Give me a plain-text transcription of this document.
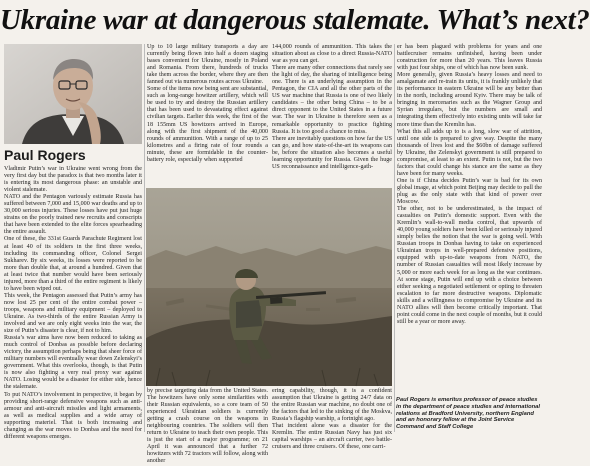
Ukraine war at dangerous stalemate. What’s next?
Paul Rogers

Vladimir Putin’s war in Ukraine went wrong from the very first day but the paradox is that two months later it is entering its most dangerous phase: an unstable and violent stalemate.

NATO and the Pentagon variously estimate Russia has suffered between 7,000 and 15,000 war deaths and up to 30,000 serious injuries. These losses have put just huge strains on the poorly trained new recruits and conscripts that have been extended to the elite forces spearheading the entire assault.

One of these, the 331st Guards Parachute Regiment lost at least 40 of its soldiers in the first three weeks, including its commanding officer, Colonel Sergei Sukharev. By six weeks, its losses were reported to be more than double that, at around a hundred. Given that at least twice that number would have been seriously injured, more than a third of the entire regiment is likely to have been wiped out.

This week, the Pentagon assessed that Putin’s army has now lost 25 per cent of the entire combat power – troops, weapons and military equipment – deployed to Ukraine. As two-thirds of the entire Russian Army is involved and we are only eight weeks into the war, the size of Putin’s disaster is clear, if not to him.

Russia’s war aims have now been reduced to taking as much control of Donbas as possible before declaring victory, the assumption perhaps being that sheer force of military numbers will eventually wear down Zelenskyi’s government. What this overlooks, though, is that Putin is now also fighting a very real proxy war against NATO. Losing would be a disaster for either side, hence the stalemate.

To put NATO’s involvement in perspective, it began by providing short-range defensive weapons such as anti-armour and anti-aircraft missiles and light armaments, as well as medical supplies and a wide array of supporting materiel. That is both increasing and changing as the war moves to Donbas and the need for different weapons emerges.

Up to 10 large military transports a day are currently being flown into half a dozen staging bases convenient for Ukraine, mostly in Poland and Romania. From there, hundreds of trucks take them across the border, where they are then fanned out via numerous routes across Ukraine.

Some of the items now being sent are substantial, such as long-range howitzer artillery, which will be used to try and destroy the Russian artillery that has been used to devastating effect against civilian targets. Earlier this week, the first of the 18 155mm US howitzers arrived in Europe, along with the first shipment of the 40,000 rounds of ammunition. With a range of up to 25 kilometres and a firing rate of four rounds a minute, these are formidable in the counter-battery role, especially when supported

144,000 rounds of ammunition. This takes the situation about as close to a direct Russia-NATO war as you can get.

There are many other connections that rarely see the light of day, the sharing of intelligence being one. There is an underlying assumption in the Pentagon, the CIA and all the other parts of the US war machine that Russia is one of two likely candidates – the other being China – to be a direct opponent to the United States in a future war. The war in Ukraine is therefore seen as a remarkable opportunity to practice fighting Russia. It is too good a chance to miss.

There are inevitably questions on how far the US can go, and how state-of-the-art its weapons can be, before the situation also becomes a useful learning opportunity for Russia. Given the huge US reconnaissance and intelligence-gath-

by precise targeting data from the United States. The howitzers have only some similarities with their Russian equivalents, so a core team of 50 experienced Ukrainian soldiers is currently getting a crash course on the weapons in neighbouring countries. The soldiers will then return to Ukraine to teach their own people. This is just the start of a major programme; on 21 April it was announced that a further 72 howitzers with 72 tractors will follow, along with another

ering capability, though, it is a confident assumption that Ukraine is getting 24/7 data on the entire Russian war machine, no doubt one of the factors that led to the sinking of the Moskva, Russia’s flagship warship, a fortnight ago.

That incident alone was a disaster for the Kremlin. The entire Russian Navy has just six capital warships – an aircraft carrier, two battle-cruisers and three cruisers. Of these, one carri-

er has been plagued with problems for years and one battlecruiser remains unfinished, having been under construction for more than 20 years. This leaves Russia with just four ships, one of which has now been sunk.

More generally, given Russia’s heavy losses and need to amalgamate and re-train its units, it is frankly unlikely that its performance in eastern Ukraine will be any better than in the north, including around Kyiv. There may be talk of bringing in mercenaries such as the Wagner Group and Syrian irregulars, but the numbers are small and integrating them effectively into existing units will take far more time than the Kremlin has.

What this all adds up to is a long, slow war of attrition, until one side is prepared to give way. Despite the many thousands of lives lost and the $60bn of damage suffered by Ukraine, the Zelenskyi government is still prepared to compromise, at least to an extent. Putin is not, but the two factors that could change his stance are the same as they have been for many weeks.

One is if China decides Putin’s war is bad for its own global image, at which point Beijing may decide to pull the plug as the only state with that kind of power over Moscow.

The other, not to be underestimated, is the impact of casualties on Putin’s domestic support. Even with the Kremlin’s wall-to-wall media control, that upwards of 40,000 young soldiers have been killed or seriously injured simply belies the notion that the war is going well. With Russian troops in Donbas having to take on experienced Ukrainian troops in well-prepared defensive positions, equipped with up-to-date weapons from NATO, the number of Russian casualties will most likely increase by 5,000 or more each week for as long as the war continues. At some stage, Putin will end up with a choice between either seeking a negotiated settlement or opting to threaten escalation to far more destructive weapons. Diplomatic skills and a willingness to compromise by Ukraine and its NATO allies will then become critically important. That point could come in the next couple of months, but it could still be a year or more away.

Paul Rogers is emeritus professor of peace studies in the department of peace studies and international relations at Bradford University, northern England and an honorary fellow at the Joint Service Command and Staff College
